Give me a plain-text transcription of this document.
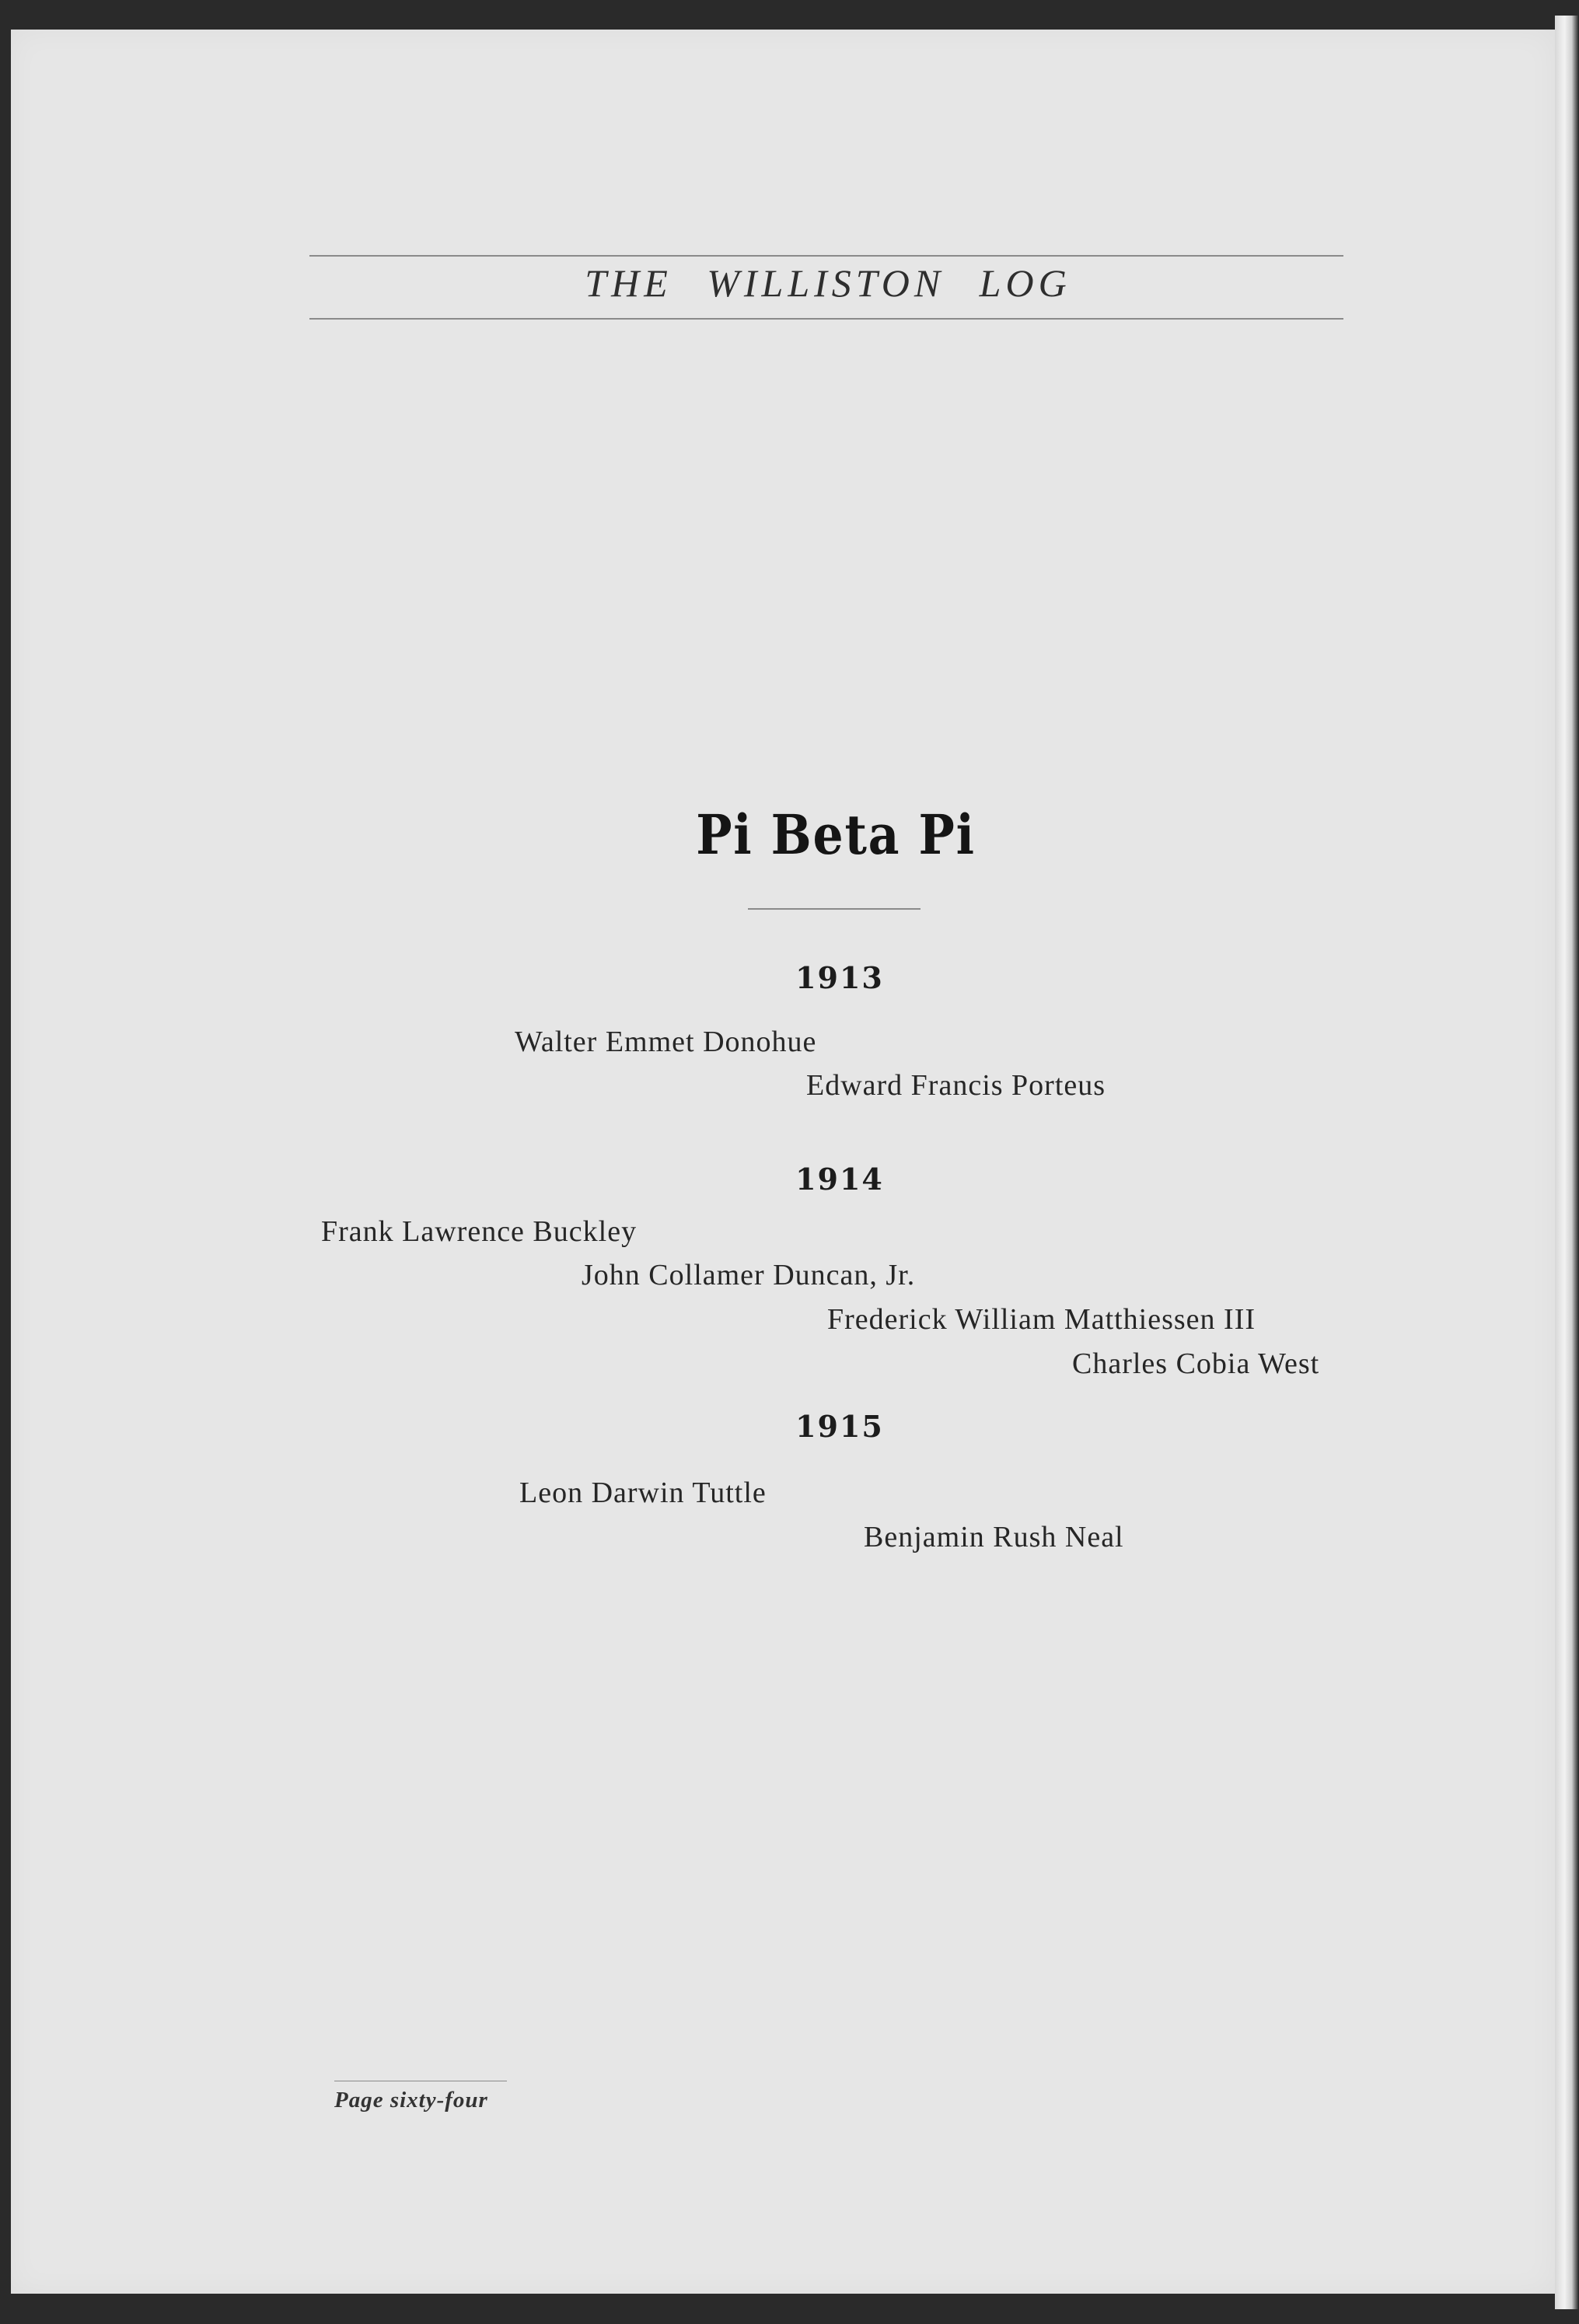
THE WILLISTON LOG
Pi Beta Pi
1913
Walter Emmet Donohue
Edward Francis Porteus
1914
Frank Lawrence Buckley
John Collamer Duncan, Jr.
Frederick William Matthiessen III
Charles Cobia West
1915
Leon Darwin Tuttle
Benjamin Rush Neal
Page sixty-four
